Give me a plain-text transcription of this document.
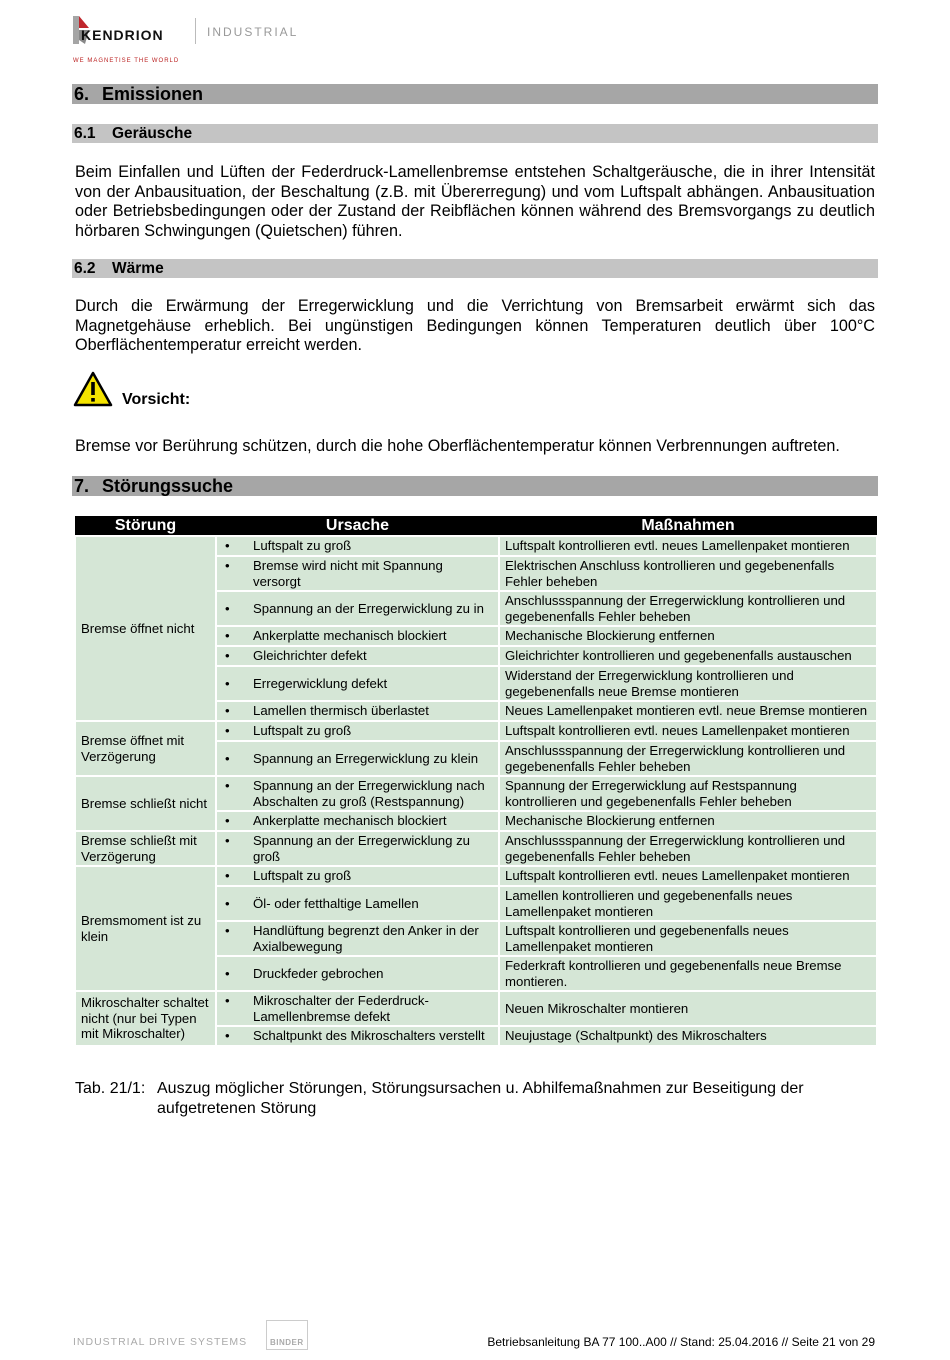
KENDRION	INDUSTRIAL
WE MAGNETISE THE WORLD
6. Emissionen
6.1 Geräusche
Beim Einfallen und Lüften der Federdruck-Lamellenbremse entstehen Schaltgeräusche, die in ihrer Intensität von der Anbausituation, der Beschaltung (z.B. mit Übererregung) und vom Luftspalt abhängen. Anbausituation oder Betriebsbedingungen oder der Zustand der Reibflächen können während des Bremsvorgangs zu deutlich hörbaren Schwingungen (Quietschen) führen.
6.2 Wärme
Durch die Erwärmung der Erregerwicklung und die Verrichtung von Bremsarbeit erwärmt sich das Magnetgehäuse erheblich. Bei ungünstigen Bedingungen können Temperaturen deutlich über 100°C Oberflächentemperatur erreicht werden.
Vorsicht:
Bremse vor Berührung schützen, durch die hohe Oberflächentemperatur können Verbrennungen auftreten.
7. Störungssuche
Störung	Ursache	Maßnahmen
Bremse öffnet nicht	• Luftspalt zu groß	Luftspalt kontrollieren evtl. neues Lamellenpaket montieren

	• Bremse wird nicht mit Spannung versorgt	Elektrischen Anschluss kontrollieren und gegebenenfalls Fehler beheben

	• Spannung an der Erregerwicklung zu in	Anschlussspannung der Erregerwicklung kontrollieren und gegebenenfalls Fehler beheben

	• Ankerplatte mechanisch blockiert	Mechanische Blockierung entfernen

	• Gleichrichter defekt	Gleichrichter kontrollieren und gegebenenfalls austauschen

	• Erregerwicklung defekt	Widerstand der Erregerwicklung kontrollieren und gegebenenfalls neue Bremse montieren

	• Lamellen thermisch überlastet	Neues Lamellenpaket montieren evtl. neue Bremse montieren
Bremse öffnet mit Verzögerung	• Luftspalt zu groß	Luftspalt kontrollieren evtl. neues Lamellenpaket montieren

	• Spannung an Erregerwicklung zu klein	Anschlussspannung der Erregerwicklung kontrollieren und gegebenenfalls Fehler beheben
Bremse schließt nicht	• Spannung an der Erregerwicklung nach Abschalten zu groß (Restspannung)	Spannung der Erregerwicklung auf Restspannung kontrollieren und gegebenenfalls Fehler beheben

	• Ankerplatte mechanisch blockiert	Mechanische Blockierung entfernen
Bremse schließt mit Verzögerung	• Spannung an der Erregerwicklung zu groß	Anschlussspannung der Erregerwicklung kontrollieren und gegebenenfalls Fehler beheben
Bremsmoment ist zu klein	• Luftspalt zu groß	Luftspalt kontrollieren evtl. neues Lamellenpaket montieren

	• Öl- oder fetthaltige Lamellen	Lamellen kontrollieren und gegebenenfalls neues Lamellenpaket montieren

	• Handlüftung begrenzt den Anker in der Axialbewegung	Luftspalt kontrollieren und gegebenenfalls neues Lamellenpaket montieren

	• Druckfeder gebrochen	Federkraft kontrollieren und gegebenenfalls neue Bremse montieren.
Mikroschalter schaltet nicht (nur bei Typen mit Mikroschalter)	• Mikroschalter der Federdruck-Lamellenbremse defekt	Neuen Mikroschalter montieren

	• Schaltpunkt des Mikroschalters verstellt	Neujustage (Schaltpunkt) des Mikroschalters
Tab. 21/1: Auszug möglicher Störungen, Störungsursachen u. Abhilfemaßnahmen zur Beseitigung der aufgetretenen Störung
INDUSTRIAL DRIVE SYSTEMS	BINDER	Betriebsanleitung BA 77 100..A00 // Stand: 25.04.2016 // Seite 21 von 29
